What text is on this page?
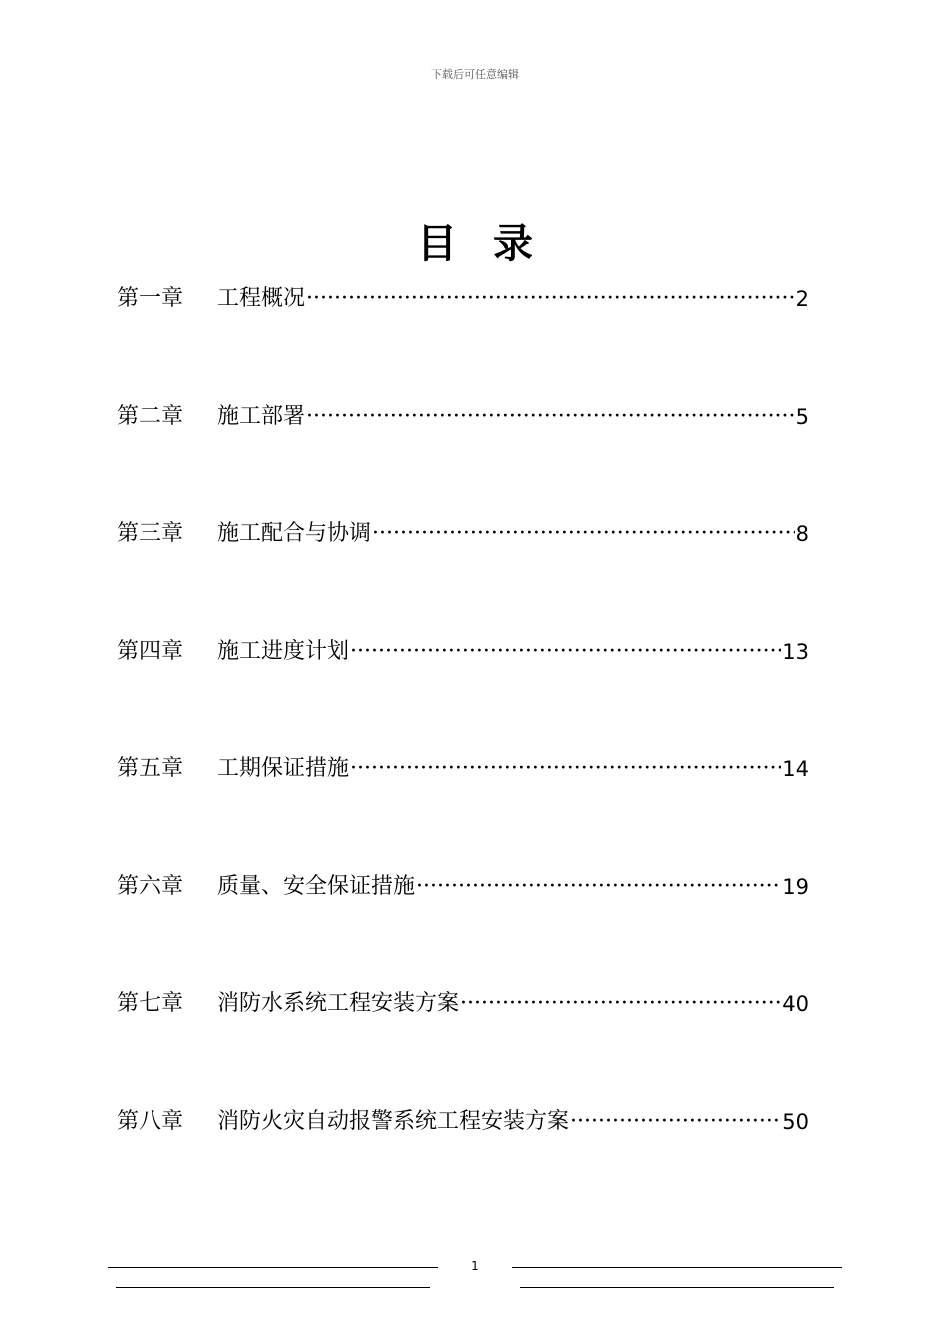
下载后可任意编辑
目录
第一章	工程概况 ·····	2
第二章	施工部署 ·····	5
第三章	施工配合与协调 ·····	8
第四章	施工进度计划 ·····	13
第五章	工期保证措施 ·····	14
第六章	质量、安全保证措施 ·····	19
第七章	消防水系统工程安装方案 ·····	40
第八章	消防火灾自动报警系统工程安装方案 ·····	50
1
